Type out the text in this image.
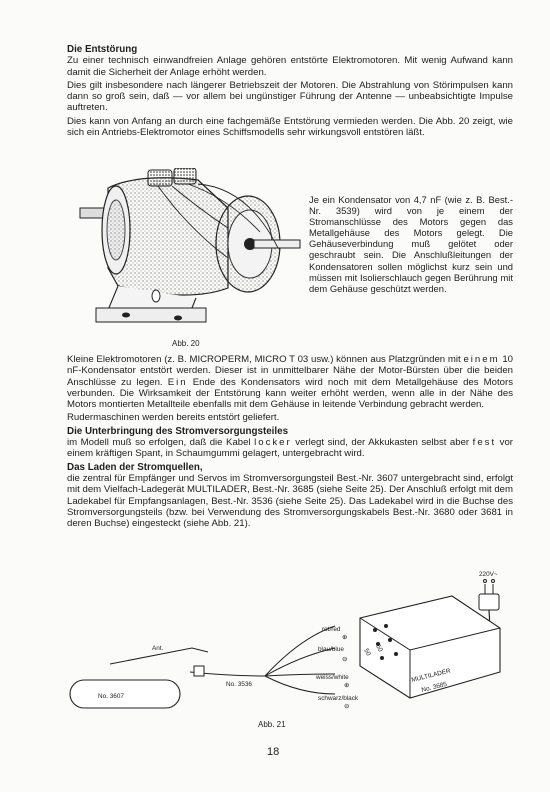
Die Entstörung

Zu einer technisch einwandfreien Anlage gehören entstörte Elektromotoren. Mit wenig Aufwand kann damit die Sicherheit der Anlage erhöht werden.

Dies gilt insbesondere nach längerer Betriebszeit der Motoren. Die Abstrahlung von Störimpulsen kann dann so groß sein, daß — vor allem bei ungünstiger Führung der Antenne — unbeabsichtigte Impulse auftreten.

Dies kann von Anfang an durch eine fachgemäße Entstörung vermieden werden. Die Abb. 20 zeigt, wie sich ein Antriebs-Elektromotor eines Schiffsmodells sehr wirkungsvoll entstören läßt.

Abb. 20
Je ein Kondensator von 4,7 nF (wie z. B. Best.-Nr. 3539) wird von je einem der Stromanschlüsse des Motors gegen das Metallgehäuse des Motors gelegt. Die Gehäuseverbindung muß gelötet oder geschraubt sein. Die Anschlußleitungen der Kondensatoren sollen möglichst kurz sein und müssen mit Isolierschlauch gegen Berührung mit dem Gehäuse geschützt werden.

Kleine Elektromotoren (z. B. MICROPERM, MICRO T 03 usw.) können aus Platzgründen mit einem 10 nF-Kondensator entstört werden. Dieser ist in unmittelbarer Nähe der Motor-Bürsten über die beiden Anschlüsse zu legen. Ein Ende des Kondensators wird noch mit dem Metallgehäuse des Motors verbunden. Die Wirksamkeit der Entstörung kann weiter erhöht werden, wenn alle in der Nähe des Motors montierten Metallteile ebenfalls mit dem Gehäuse in leitende Verbindung gebracht werden.

Rudermaschinen werden bereits entstört geliefert.

Die Unterbringung des Stromversorgungsteiles

im Modell muß so erfolgen, daß die Kabel locker verlegt sind, der Akkukasten selbst aber fest vor einem kräftigen Spant, in Schaumgummi gelagert, untergebracht wird.

Das Laden der Stromquellen,

die zentral für Empfänger und Servos im Stromversorgungsteil Best.-Nr. 3607 untergebracht sind, erfolgt mit dem Vielfach-Ladegerät MULTILADER, Best.-Nr. 3685 (siehe Seite 25). Der Anschluß erfolgt mit dem Ladekabel für Empfangsanlagen, Best.-Nr. 3536 (siehe Seite 25). Das Ladekabel wird in die Buchse des Stromversorgungsteils (bzw. bei Verwendung des Stromversorgungskabels Best.-Nr. 3680 oder 3681 in deren Buchse) eingesteckt (siehe Abb. 21).

220V~
MULTILADER
No. 3685
50 50
rot/red
⊕
blau/blue
⊖
weiss/white
⊕
schwarz/black
⊖
No. 3536
Ant.
No. 3607
Abb. 21
18
